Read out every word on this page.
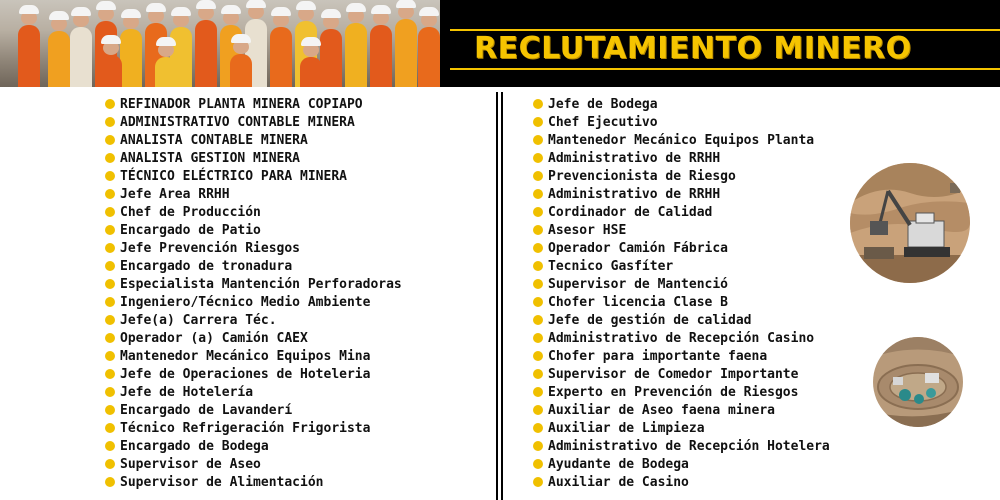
RECLUTAMIENTO MINERO
REFINADOR PLANTA MINERA COPIAPO
ADMINISTRATIVO CONTABLE MINERA
ANALISTA CONTABLE MINERA
ANALISTA GESTION MINERA
TÉCNICO ELÉCTRICO PARA MINERA
Jefe Area RRHH
Chef de Producción
Encargado de Patio
Jefe Prevención Riesgos
Encargado de tronadura
Especialista Mantención Perforadoras
Ingeniero/Técnico Medio Ambiente
Jefe(a) Carrera Téc.
Operador (a) Camión CAEX
Mantenedor Mecánico Equipos Mina
Jefe de Operaciones de Hoteleria
Jefe de Hotelería
Encargado de Lavanderí
Técnico Refrigeración Frigorista
Encargado de Bodega
Supervisor de Aseo
Supervisor de Alimentación
Jefe de Bodega
Chef Ejecutivo
Mantenedor Mecánico Equipos Planta
Administrativo de RRHH
Prevencionista de Riesgo
Administrativo de RRHH
Cordinador de Calidad
Asesor HSE
Operador Camión Fábrica
Tecnico Gasfíter
Supervisor de Mantenció
Chofer licencia Clase B
Jefe de gestión de calidad
Administrativo de Recepción Casino
Chofer para importante faena
Supervisor de Comedor Importante
Experto en Prevención de Riesgos
Auxiliar de Aseo faena minera
Auxiliar de Limpieza
Administrativo de Recepción Hotelera
Ayudante de Bodega
Auxiliar de Casino
